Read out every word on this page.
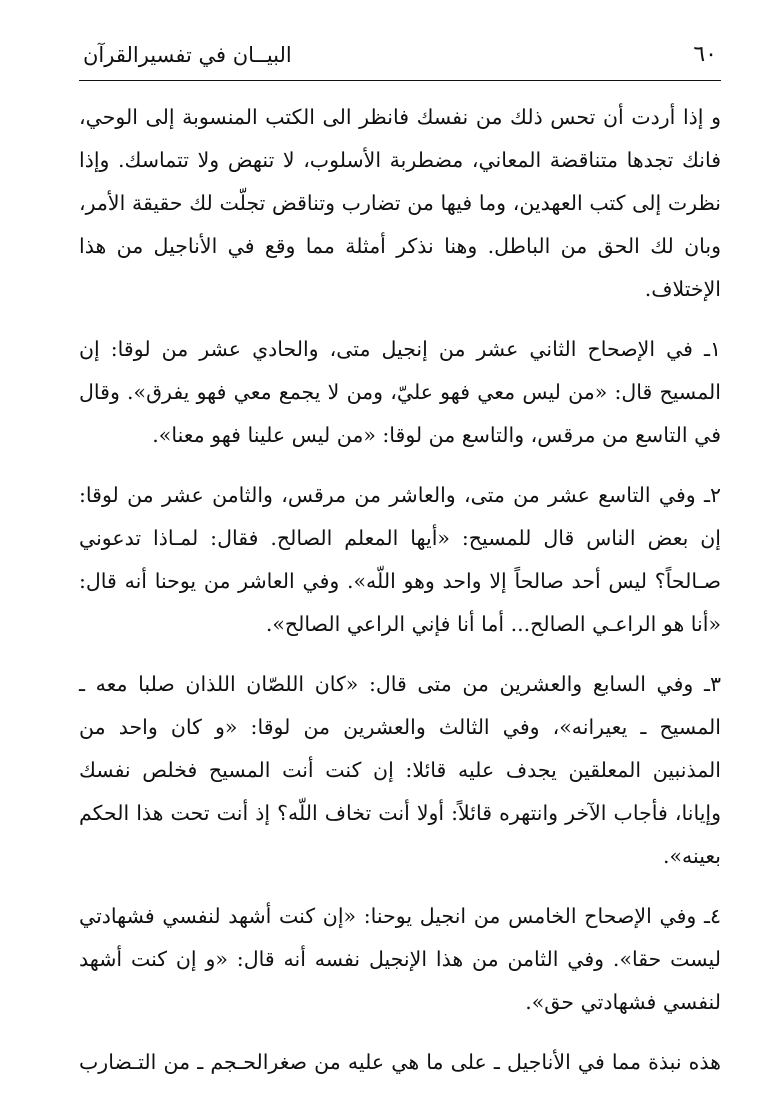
٦٠
البيــان في تفسيرالقرآن

و إذا أردت أن تحس ذلك من نفسك فانظر الى الكتب المنسوبة إلى الوحي، فانك تجدها متناقضة المعاني، مضطربة الأسلوب، لا تنهض ولا تتماسك. وإذا نظرت إلى كتب العهدين، وما فيها من تضارب وتناقض تجلّت لك حقيقة الأمر، وبان لك الحق من الباطل. وهنا نذكر أمثلة مما وقع في الأناجيل من هذا الإختلاف.

١ـ في الإصحاح الثاني عشر من إنجيل متى، والحادي عشر من لوقا: إن المسيح قال: «من ليس معي فهو عليّ، ومن لا يجمع معي فهو يفرق». وقال في التاسع من مرقس، والتاسع من لوقا: «من ليس علينا فهو معنا».

٢ـ وفي التاسع عشر من متى، والعاشر من مرقس، والثامن عشر من لوقا: إن بعض الناس قال للمسيح: «أيها المعلم الصالح. فقال: لمـاذا تدعوني صـالحاً؟ ليس أحد صالحاً إلا واحد وهو اللّه». وفي العاشر من يوحنا أنه قال: «أنا هو الراعـي الصالح... أما أنا فإني الراعي الصالح».

٣ـ وفي السابع والعشرين من متى قال: «كان اللصّان اللذان صلبا معه ـ المسيح ـ يعيرانه»، وفي الثالث والعشرين من لوقا: «و كان واحد من المذنبين المعلقين يجدف عليه قائلا: إن كنت أنت المسيح فخلص نفسك وإيانا، فأجاب الآخر وانتهره قائلاً: أولا أنت تخاف اللّه؟ إذ أنت تحت هذا الحكم بعينه».

٤ـ وفي الإصحاح الخامس من انجيل يوحنا: «إن كنت أشهد لنفسي فشهادتي ليست حقا». وفي الثامن من هذا الإنجيل نفسه أنه قال: «و إن كنت أشهد لنفسي فشهادتي حق».

هذه نبذة مما في الأناجيل ـ على ما هي عليه من صغرالحـجم ـ من التـضارب
